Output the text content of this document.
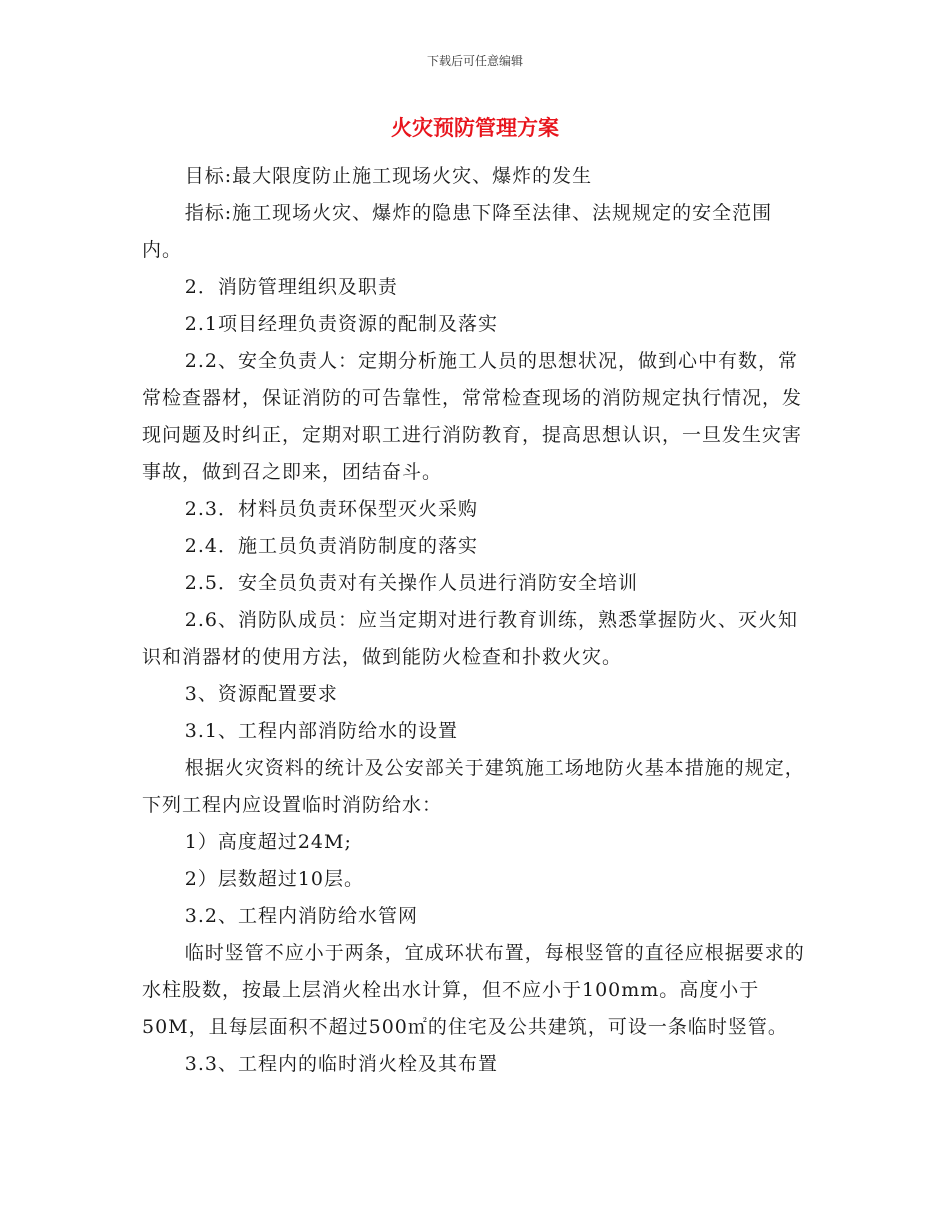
下载后可任意编辑
火灾预防管理方案

目标:最大限度防止施工现场火灾、爆炸的发生

指标:施工现场火灾、爆炸的隐患下降至法律、法规规定的安全范围内。

2．消防管理组织及职责

2.1项目经理负责资源的配制及落实

2.2、安全负责人：定期分析施工人员的思想状况，做到心中有数，常常检查器材，保证消防的可告靠性，常常检查现场的消防规定执行情况，发现问题及时纠正，定期对职工进行消防教育，提高思想认识，一旦发生灾害事故，做到召之即来，团结奋斗。

2.3．材料员负责环保型灭火采购

2.4．施工员负责消防制度的落实

2.5．安全员负责对有关操作人员进行消防安全培训

2.6、消防队成员：应当定期对进行教育训练，熟悉掌握防火、灭火知识和消器材的使用方法，做到能防火检查和扑救火灾。

3、资源配置要求

3.1、工程内部消防给水的设置

根据火灾资料的统计及公安部关于建筑施工场地防火基本措施的规定，下列工程内应设置临时消防给水：

1）高度超过24M;

2）层数超过10层。

3.2、工程内消防给水管网

临时竖管不应小于两条，宜成环状布置，每根竖管的直径应根据要求的水柱股数，按最上层消火栓出水计算，但不应小于100mm。高度小于50M，且每层面积不超过500㎡的住宅及公共建筑，可设一条临时竖管。

3.3、工程内的临时消火栓及其布置
